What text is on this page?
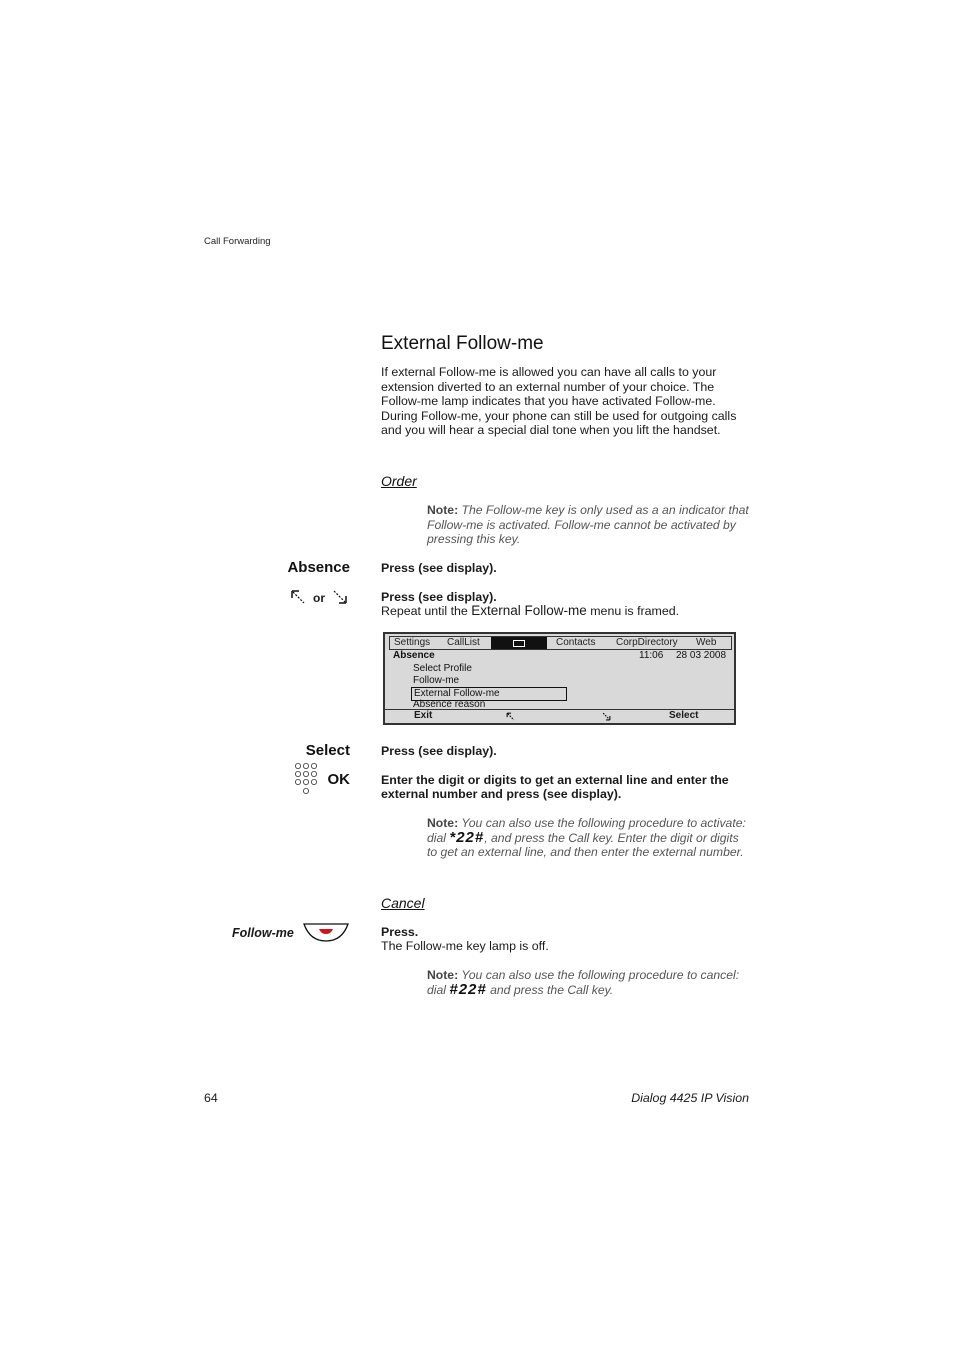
Call Forwarding
External Follow-me
If external Follow-me is allowed you can have all calls to your extension diverted to an external number of your choice. The Follow-me lamp indicates that you have activated Follow-me. During Follow-me, your phone can still be used for outgoing calls and you will hear a special dial tone when you lift the handset.
Order
Note: The Follow-me key is only used as a an indicator that Follow-me is activated. Follow-me cannot be activated by pressing this key.
Absence	Press (see display).
or	Press (see display).
Repeat until the External Follow-me menu is framed.
Settings CallList	Contacts CorpDirectory Web
Absence	11:06 28 03 2008
Select Profile
Follow-me
External Follow-me
Absence reason
Exit	Select
Select	Press (see display).
OK	Enter the digit or digits to get an external line and enter the external number and press (see display).
Note: You can also use the following procedure to activate: dial *22#, and press the Call key. Enter the digit or digits to get an external line, and then enter the external number.
Cancel
Follow-me	Press.
The Follow-me key lamp is off.
Note: You can also use the following procedure to cancel: dial #22# and press the Call key.
64	Dialog 4425 IP Vision
